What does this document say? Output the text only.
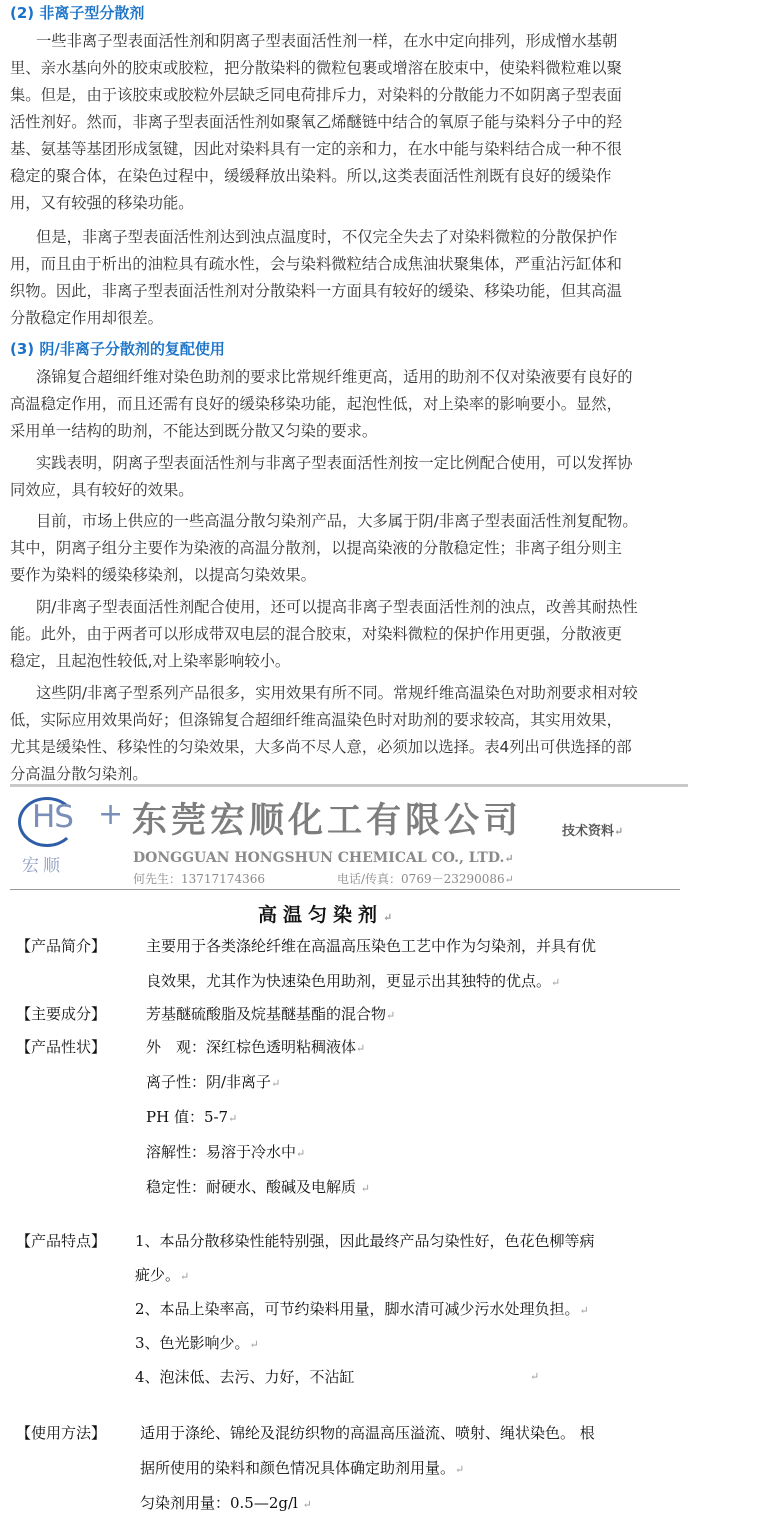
(2) 非离子型分散剂
一些非离子型表面活性剂和阴离子型表面活性剂一样，在水中定向排列，形成憎水基朝
里、亲水基向外的胶束或胶粒，把分散染料的微粒包裹或增溶在胶束中，使染料微粒难以聚
集。但是，由于该胶束或胶粒外层缺乏同电荷排斥力，对染料的分散能力不如阴离子型表面
活性剂好。然而，非离子型表面活性剂如聚氧乙烯醚链中结合的氧原子能与染料分子中的羟
基、氨基等基团形成氢键，因此对染料具有一定的亲和力，在水中能与染料结合成一种不很
稳定的聚合体，在染色过程中，缓缓释放出染料。所以,这类表面活性剂既有良好的缓染作
用，又有较强的移染功能。
但是，非离子型表面活性剂达到浊点温度时，不仅完全失去了对染料微粒的分散保护作
用，而且由于析出的油粒具有疏水性，会与染料微粒结合成焦油状聚集体，严重沾污缸体和
织物。因此，非离子型表面活性剂对分散染料一方面具有较好的缓染、移染功能，但其高温
分散稳定作用却很差。
(3) 阴/非离子分散剂的复配使用
涤锦复合超细纤维对染色助剂的要求比常规纤维更高，适用的助剂不仅对染液要有良好的
高温稳定作用，而且还需有良好的缓染移染功能，起泡性低，对上染率的影响要小。显然，
采用单一结构的助剂，不能达到既分散又匀染的要求。
实践表明，阴离子型表面活性剂与非离子型表面活性剂按一定比例配合使用，可以发挥协
同效应，具有较好的效果。
目前，市场上供应的一些高温分散匀染剂产品，大多属于阴/非离子型表面活性剂复配物。
其中，阴离子组分主要作为染液的高温分散剂，以提高染液的分散稳定性；非离子组分则主
要作为染料的缓染移染剂，以提高匀染效果。
阴/非离子型表面活性剂配合使用，还可以提高非离子型表面活性剂的浊点，改善其耐热性
能。此外，由于两者可以形成带双电层的混合胶束，对染料微粒的保护作用更强，分散液更
稳定，且起泡性较低,对上染率影响较小。
这些阴/非离子型系列产品很多，实用效果有所不同。常规纤维高温染色对助剂要求相对较
低，实际应用效果尚好；但涤锦复合超细纤维高温染色时对助剂的要求较高，其实用效果，
尤其是缓染性、移染性的匀染效果，大多尚不尽人意，必须加以选择。表4列出可供选择的部
分高温分散匀染剂。
HS +
宏顺
东莞宏顺化工有限公司	技术资料↵
DONGGUAN HONGSHUN CHEMICAL CO., LTD.↵
何先生：13717174366	电话/传真：0769－23290086↵
高温匀染剂↵
【产品简介】	主要用于各类涤纶纤维在高温高压染色工艺中作为匀染剂，并具有优
良效果，尤其作为快速染色用助剂，更显示出其独特的优点。↵
【主要成分】	芳基醚硫酸脂及烷基醚基酯的混合物↵
【产品性状】	外　观：深红棕色透明粘稠液体↵
离子性：阴/非离子↵
PH 值：5-7↵
溶解性：易溶于冷水中↵
稳定性：耐硬水、酸碱及电解质 ↵
【产品特点】 1、本品分散移染性能特别强，因此最终产品匀染性好，色花色柳等病
疵少。↵
2、本品上染率高，可节约染料用量，脚水清可减少污水处理负担。↵
3、色光影响少。↵
4、泡沫低、去污、力好，不沾缸	↵
【使用方法】 适用于涤纶、锦纶及混纺织物的高温高压溢流、喷射、绳状染色。 根
据所使用的染料和颜色情况具体确定助剂用量。↵
匀染剂用量：0.5—2g/l ↵
